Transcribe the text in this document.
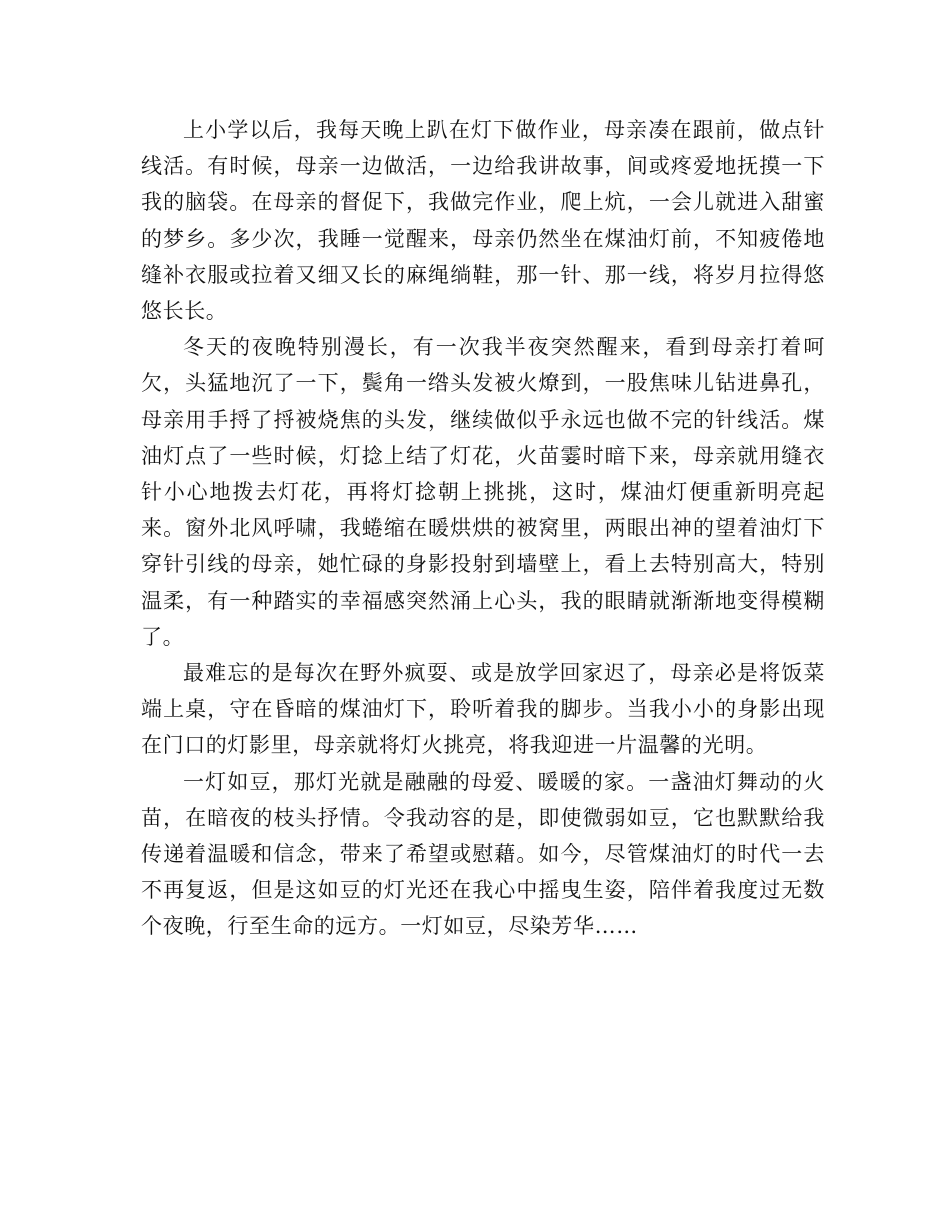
上小学以后，我每天晚上趴在灯下做作业，母亲凑在跟前，做点针线活。有时候，母亲一边做活，一边给我讲故事，间或疼爱地抚摸一下我的脑袋。在母亲的督促下，我做完作业，爬上炕，一会儿就进入甜蜜的梦乡。多少次，我睡一觉醒来，母亲仍然坐在煤油灯前，不知疲倦地缝补衣服或拉着又细又长的麻绳绱鞋，那一针、那一线，将岁月拉得悠悠长长。

冬天的夜晚特别漫长，有一次我半夜突然醒来，看到母亲打着呵欠，头猛地沉了一下，鬓角一绺头发被火燎到，一股焦味儿钻进鼻孔，母亲用手捋了捋被烧焦的头发，继续做似乎永远也做不完的针线活。煤油灯点了一些时候，灯捻上结了灯花，火苗霎时暗下来，母亲就用缝衣针小心地拨去灯花，再将灯捻朝上挑挑，这时，煤油灯便重新明亮起来。窗外北风呼啸，我蜷缩在暖烘烘的被窝里，两眼出神的望着油灯下穿针引线的母亲，她忙碌的身影投射到墙壁上，看上去特别高大，特别温柔，有一种踏实的幸福感突然涌上心头，我的眼睛就渐渐地变得模糊了。

最难忘的是每次在野外疯耍、或是放学回家迟了，母亲必是将饭菜端上桌，守在昏暗的煤油灯下，聆听着我的脚步。当我小小的身影出现在门口的灯影里，母亲就将灯火挑亮，将我迎进一片温馨的光明。

一灯如豆，那灯光就是融融的母爱、暖暖的家。一盏油灯舞动的火苗，在暗夜的枝头抒情。令我动容的是，即使微弱如豆，它也默默给我传递着温暖和信念，带来了希望或慰藉。如今，尽管煤油灯的时代一去不再复返，但是这如豆的灯光还在我心中摇曳生姿，陪伴着我度过无数个夜晚，行至生命的远方。一灯如豆，尽染芳华……
